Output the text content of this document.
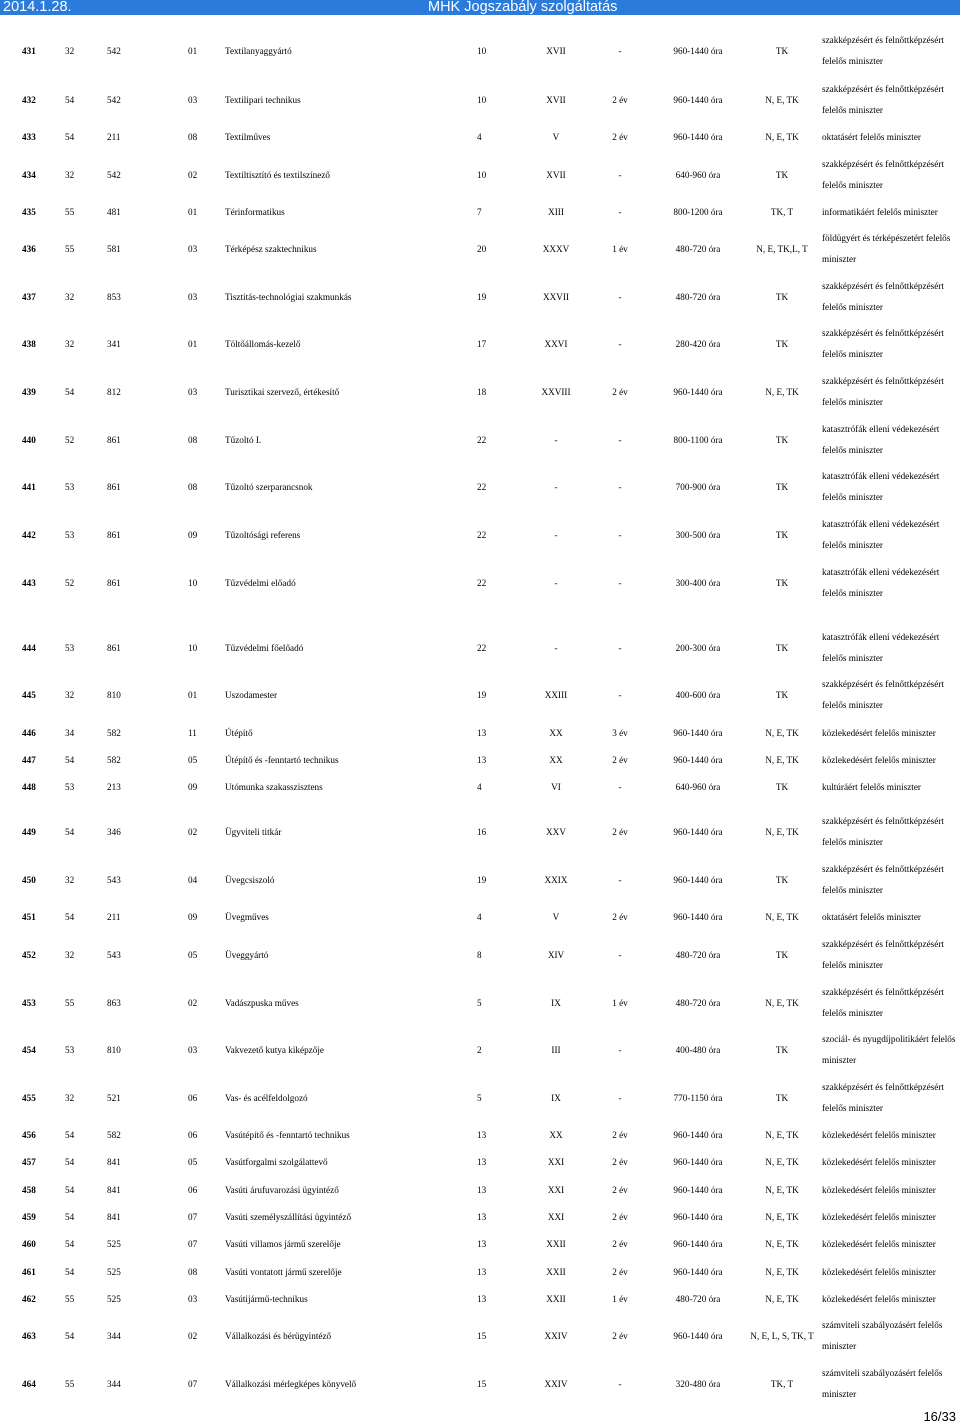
2014.1.28.	MHK Jogszabály szolgáltatás
431	32	542	01	Textilanyaggyártó	10	XVII	-	960-1440 óra	TK
szakképzésért és felnőttképzésért felelős miniszter
432	54	542	03	Textilipari technikus	10	XVII	2 év	960-1440 óra	N, E, TK
szakképzésért és felnőttképzésért felelős miniszter
433	54	211	08	Textilműves	4	V	2 év	960-1440 óra	N, E, TK	oktatásért felelős miniszter
434	32	542	02	Textiltisztító és textilszínező	10	XVII	-	640-960 óra	TK
szakképzésért és felnőttképzésért felelős miniszter
435	55	481	01	Térinformatikus	7	XIII	-	800-1200 óra	TK, T	informatikáért felelős miniszter
436	55	581	03	Térképész szaktechnikus	20	XXXV	1 év	480-720 óra	N, E, TK,L, T
földügyért és térképészetért felelős miniszter
437	32	853	03	Tisztítás-technológiai szakmunkás	19	XXVII	-	480-720 óra	TK
szakképzésért és felnőttképzésért felelős miniszter
438	32	341	01	Töltőállomás-kezelő	17	XXVI	-	280-420 óra	TK
szakképzésért és felnőttképzésért felelős miniszter
439	54	812	03	Turisztikai szervező, értékesítő	18	XXVIII	2 év	960-1440 óra	N, E, TK
szakképzésért és felnőttképzésért felelős miniszter
440	52	861	08	Tűzoltó I.	22	-	-	800-1100 óra	TK
katasztrófák elleni védekezésért felelős miniszter
441	53	861	08	Tűzoltó szerparancsnok	22	-	-	700-900 óra	TK
katasztrófák elleni védekezésért felelős miniszter
442	53	861	09	Tűzoltósági referens	22	-	-	300-500 óra	TK
katasztrófák elleni védekezésért felelős miniszter
443	52	861	10	Tűzvédelmi előadó	22	-	-	300-400 óra	TK
katasztrófák elleni védekezésért felelős miniszter
444	53	861	10	Tűzvédelmi főelőadó	22	-	-	200-300 óra	TK
katasztrófák elleni védekezésért felelős miniszter
445	32	810	01	Uszodamester	19	XXIII	-	400-600 óra	TK
szakképzésért és felnőttképzésért felelős miniszter
446	34	582	11	Útépítő	13	XX	3 év	960-1440 óra	N, E, TK	közlekedésért felelős miniszter
447	54	582	05	Útépítő és -fenntartó technikus	13	XX	2 év	960-1440 óra	N, E, TK	közlekedésért felelős miniszter
448	53	213	09	Utómunka szakasszisztens	4	VI	-	640-960 óra	TK	kultúráért felelős miniszter
449	54	346	02	Ügyviteli titkár	16	XXV	2 év	960-1440 óra	N, E, TK
szakképzésért és felnőttképzésért felelős miniszter
450	32	543	04	Üvegcsiszoló	19	XXIX	-	960-1440 óra	TK
szakképzésért és felnőttképzésért felelős miniszter
451	54	211	09	Üvegműves	4	V	2 év	960-1440 óra	N, E, TK	oktatásért felelős miniszter
452	32	543	05	Üveggyártó	8	XIV	-	480-720 óra	TK
szakképzésért és felnőttképzésért felelős miniszter
453	55	863	02	Vadászpuska műves	5	IX	1 év	480-720 óra	N, E, TK
szakképzésért és felnőttképzésért felelős miniszter
454	53	810	03	Vakvezető kutya kiképzője	2	III	-	400-480 óra	TK
szociál- és nyugdíjpolitikáért felelős miniszter
455	32	521	06	Vas- és acélfeldolgozó	5	IX	-	770-1150 óra	TK
szakképzésért és felnőttképzésért felelős miniszter
456	54	582	06	Vasútépítő és -fenntartó technikus	13	XX	2 év	960-1440 óra	N, E, TK	közlekedésért felelős miniszter
457	54	841	05	Vasútforgalmi szolgálattevő	13	XXI	2 év	960-1440 óra	N, E, TK	közlekedésért felelős miniszter
458	54	841	06	Vasúti árufuvarozási ügyintéző	13	XXI	2 év	960-1440 óra	N, E, TK	közlekedésért felelős miniszter
459	54	841	07	Vasúti személyszállítási ügyintéző	13	XXI	2 év	960-1440 óra	N, E, TK	közlekedésért felelős miniszter
460	54	525	07	Vasúti villamos jármű szerelője	13	XXII	2 év	960-1440 óra	N, E, TK	közlekedésért felelős miniszter
461	54	525	08	Vasúti vontatott jármű szerelője	13	XXII	2 év	960-1440 óra	N, E, TK	közlekedésért felelős miniszter
462	55	525	03	Vasútijármű-technikus	13	XXII	1 év	480-720 óra	N, E, TK	közlekedésért felelős miniszter
463	54	344	02	Vállalkozási és bérügyintéző	15	XXIV	2 év	960-1440 óra	N, E, L, S, TK, T
számviteli szabályozásért felelős miniszter
464	55	344	07	Vállalkozási mérlegképes könyvelő	15	XXIV	-	320-480 óra	TK, T
számviteli szabályozásért felelős miniszter
16/33
